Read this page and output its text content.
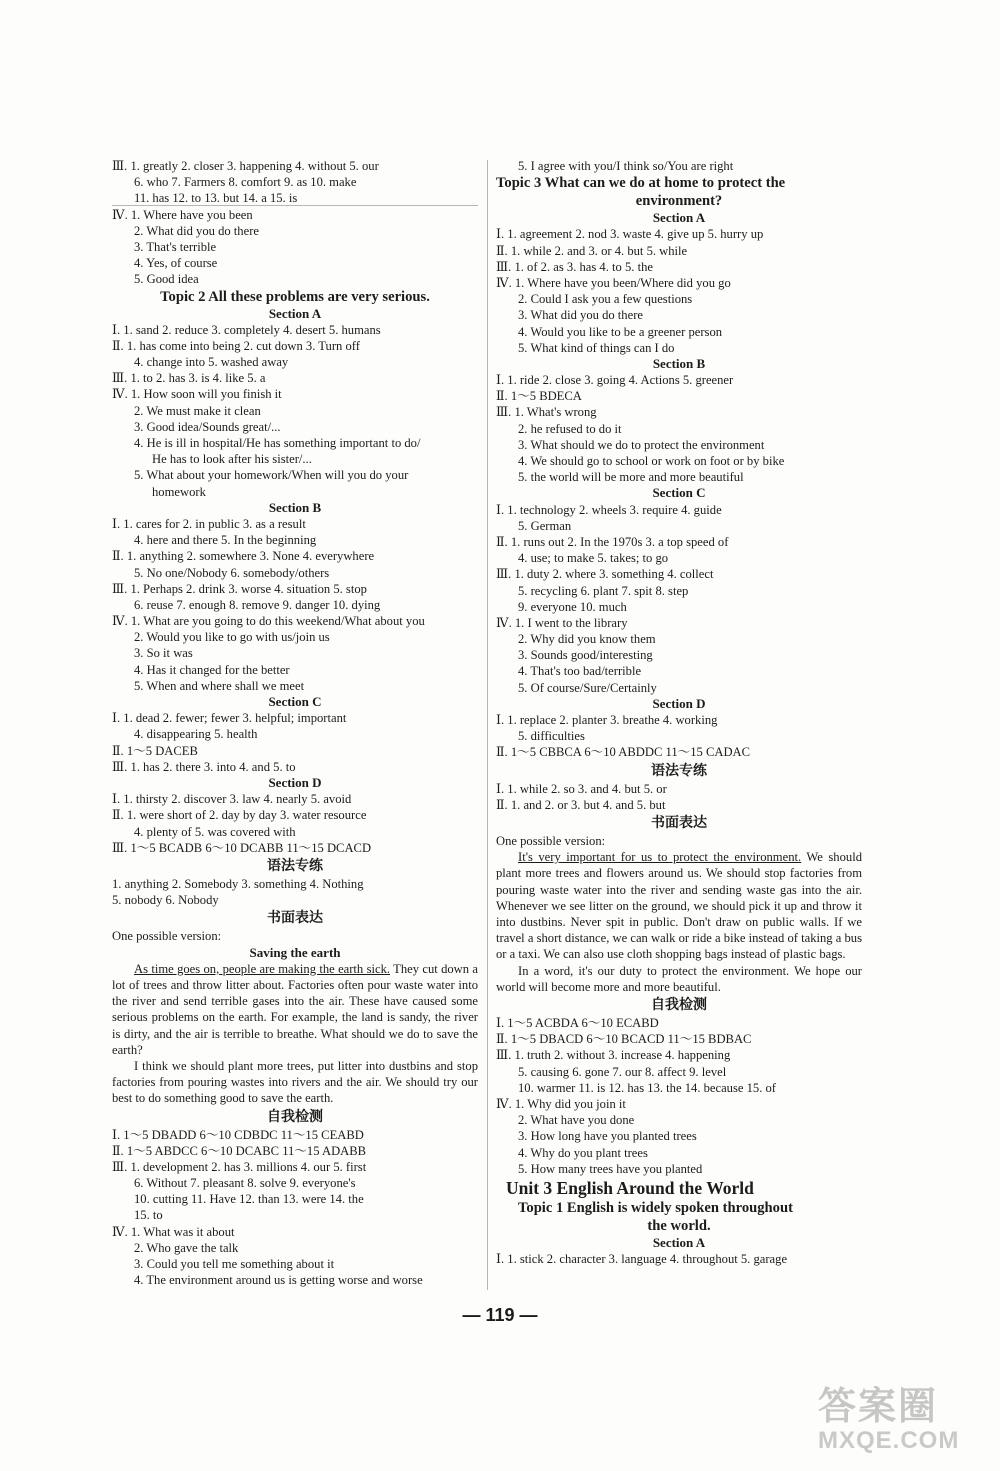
Ⅲ. 1. greatly 2. closer 3. happening 4. without 5. our
6. who 7. Farmers 8. comfort 9. as 10. make
11. has 12. to 13. but 14. a 15. is
Ⅳ. 1. Where have you been
2. What did you do there
3. That's terrible
4. Yes, of course
5. Good idea
Topic 2 All these problems are very serious.
Section A
Ⅰ. 1. sand 2. reduce 3. completely 4. desert 5. humans
Ⅱ. 1. has come into being 2. cut down 3. Turn off
4. change into 5. washed away
Ⅲ. 1. to 2. has 3. is 4. like 5. a
Ⅳ. 1. How soon will you finish it
2. We must make it clean
3. Good idea/Sounds great/...
4. He is ill in hospital/He has something important to do/
He has to look after his sister/...
5. What about your homework/When will you do your
homework
Section B
Ⅰ. 1. cares for 2. in public 3. as a result
4. here and there 5. In the beginning
Ⅱ. 1. anything 2. somewhere 3. None 4. everywhere
5. No one/Nobody 6. somebody/others
Ⅲ. 1. Perhaps 2. drink 3. worse 4. situation 5. stop
6. reuse 7. enough 8. remove 9. danger 10. dying
Ⅳ. 1. What are you going to do this weekend/What about you
2. Would you like to go with us/join us
3. So it was
4. Has it changed for the better
5. When and where shall we meet
Section C
Ⅰ. 1. dead 2. fewer; fewer 3. helpful; important
4. disappearing 5. health
Ⅱ. 1～5 DACEB
Ⅲ. 1. has 2. there 3. into 4. and 5. to
Section D
Ⅰ. 1. thirsty 2. discover 3. law 4. nearly 5. avoid
Ⅱ. 1. were short of 2. day by day 3. water resource
4. plenty of 5. was covered with
Ⅲ. 1～5 BCADB 6～10 DCABB 11～15 DCACD
语法专练
1. anything 2. Somebody 3. something 4. Nothing
5. nobody 6. Nobody
书面表达
One possible version:
Saving the earth
As time goes on, people are making the earth sick. They cut down a lot of trees and throw litter about. Factories often pour waste water into the river and send terrible gases into the air. These have caused some serious problems on the earth. For example, the land is sandy, the river is dirty, and the air is terrible to breathe. What should we do to save the earth?
I think we should plant more trees, put litter into dustbins and stop factories from pouring wastes into rivers and the air. We should try our best to do something good to save the earth.
自我检测
Ⅰ. 1～5 DBADD 6～10 CDBDC 11～15 CEABD
Ⅱ. 1～5 ABDCC 6～10 DCABC 11～15 ADABB
Ⅲ. 1. development 2. has 3. millions 4. our 5. first
6. Without 7. pleasant 8. solve 9. everyone's
10. cutting 11. Have 12. than 13. were 14. the
15. to
Ⅳ. 1. What was it about
2. Who gave the talk
3. Could you tell me something about it
4. The environment around us is getting worse and worse
5. I agree with you/I think so/You are right
Topic 3 What can we do at home to protect the
environment?
Section A
Ⅰ. 1. agreement 2. nod 3. waste 4. give up 5. hurry up
Ⅱ. 1. while 2. and 3. or 4. but 5. while
Ⅲ. 1. of 2. as 3. has 4. to 5. the
Ⅳ. 1. Where have you been/Where did you go
2. Could I ask you a few questions
3. What did you do there
4. Would you like to be a greener person
5. What kind of things can I do
Section B
Ⅰ. 1. ride 2. close 3. going 4. Actions 5. greener
Ⅱ. 1～5 BDECA
Ⅲ. 1. What's wrong
2. he refused to do it
3. What should we do to protect the environment
4. We should go to school or work on foot or by bike
5. the world will be more and more beautiful
Section C
Ⅰ. 1. technology 2. wheels 3. require 4. guide
5. German
Ⅱ. 1. runs out 2. In the 1970s 3. a top speed of
4. use; to make 5. takes; to go
Ⅲ. 1. duty 2. where 3. something 4. collect
5. recycling 6. plant 7. spit 8. step
9. everyone 10. much
Ⅳ. 1. I went to the library
2. Why did you know them
3. Sounds good/interesting
4. That's too bad/terrible
5. Of course/Sure/Certainly
Section D
Ⅰ. 1. replace 2. planter 3. breathe 4. working
5. difficulties
Ⅱ. 1～5 CBBCA 6～10 ABDDC 11～15 CADAC
语法专练
Ⅰ. 1. while 2. so 3. and 4. but 5. or
Ⅱ. 1. and 2. or 3. but 4. and 5. but
书面表达
One possible version:
It's very important for us to protect the environment. We should plant more trees and flowers around us. We should stop factories from pouring waste water into the river and sending waste gas into the air. Whenever we see litter on the ground, we should pick it up and throw it into dustbins. Never spit in public. Don't draw on public walls. If we travel a short distance, we can walk or ride a bike instead of taking a bus or a taxi. We can also use cloth shopping bags instead of plastic bags.
In a word, it's our duty to protect the environment. We hope our world will become more and more beautiful.
自我检测
Ⅰ. 1～5 ACBDA 6～10 ECABD
Ⅱ. 1～5 DBACD 6～10 BCACD 11～15 BDBAC
Ⅲ. 1. truth 2. without 3. increase 4. happening
5. causing 6. gone 7. our 8. affect 9. level
10. warmer 11. is 12. has 13. the 14. because 15. of
Ⅳ. 1. Why did you join it
2. What have you done
3. How long have you planted trees
4. Why do you plant trees
5. How many trees have you planted
Unit 3 English Around the World
Topic 1 English is widely spoken throughout
the world.
Section A
Ⅰ. 1. stick 2. character 3. language 4. throughout 5. garage
— 119 —
答案圈
MXQE.COM
